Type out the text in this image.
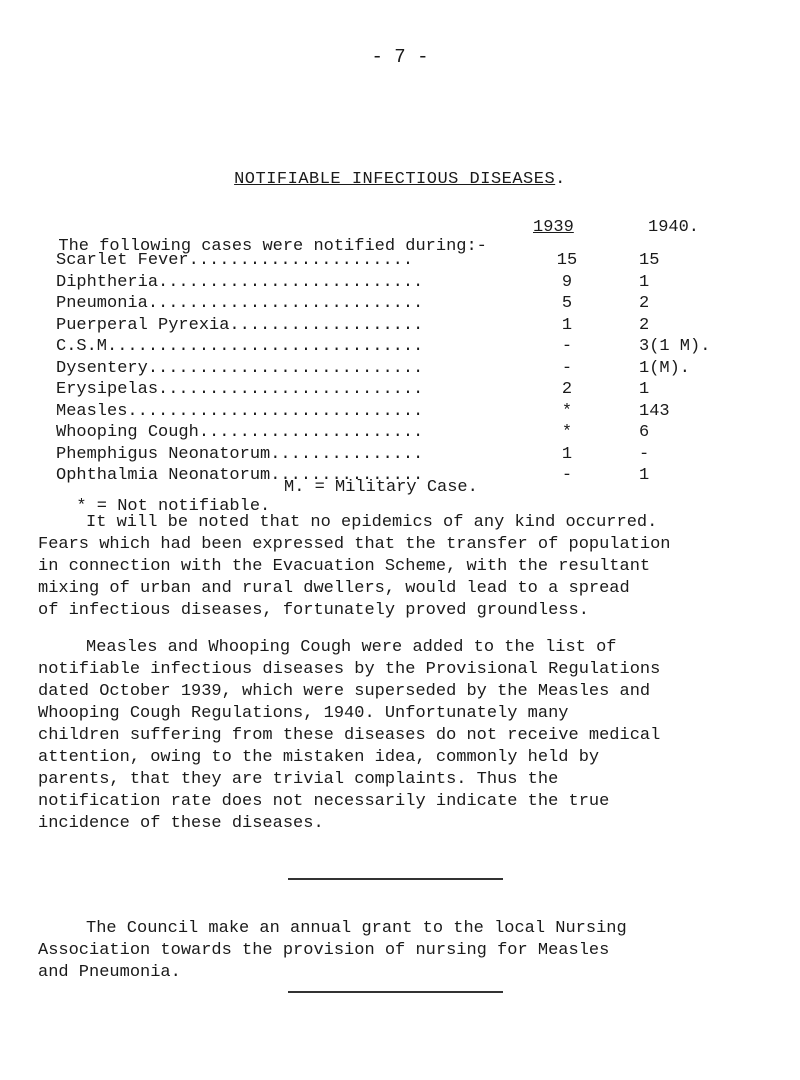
- 7 -
NOTIFIABLE INFECTIOUS DISEASES.

The following cases were notified during:-

1939

	1940.

Scarlet Fever......................	15	15
Diphtheria..........................	9	1
Pneumonia...........................	5	2
Puerperal Pyrexia...................	1	2
C.S.M...............................	-	3(1 M).
Dysentery...........................	-	1(M).
Erysipelas..........................	2	1
Measles.............................	*	143
Whooping Cough......................	*	6
Phemphigus Neonatorum...............	1	-
Ophthalmia Neonatorum...............	-	1

* = Not notifiable.

M. = Military Case.

It will be noted that no epidemics of any kind occurred.
Fears which had been expressed that the transfer of population
in connection with the Evacuation Scheme, with the resultant
mixing of urban and rural dwellers, would lead to a spread
of infectious diseases, fortunately proved groundless.
Measles and Whooping Cough were added to the list of
notifiable infectious diseases by the Provisional Regulations
dated October 1939, which were superseded by the Measles and
Whooping Cough Regulations, 1940. Unfortunately many
children suffering from these diseases do not receive medical
attention, owing to the mistaken idea, commonly held by
parents, that they are trivial complaints. Thus the
notification rate does not necessarily indicate the true
incidence of these diseases.
The Council make an annual grant to the local Nursing
Association towards the provision of nursing for Measles
and Pneumonia.
